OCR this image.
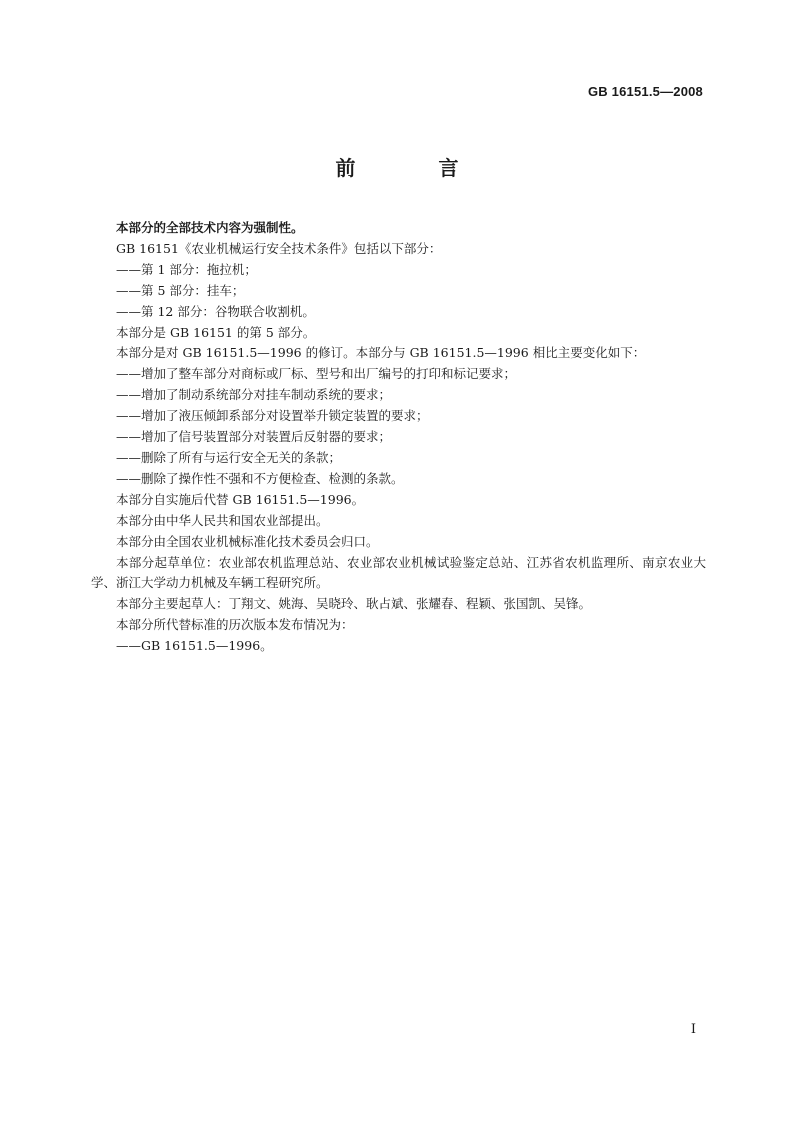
GB 16151.5—2008
前 言

本部分的全部技术内容为强制性。

GB 16151《农业机械运行安全技术条件》包括以下部分：

——第 1 部分：拖拉机；

——第 5 部分：挂车；

——第 12 部分：谷物联合收割机。

本部分是 GB 16151 的第 5 部分。

本部分是对 GB 16151.5—1996 的修订。本部分与 GB 16151.5—1996 相比主要变化如下：

——增加了整车部分对商标或厂标、型号和出厂编号的打印和标记要求；

——增加了制动系统部分对挂车制动系统的要求；

——增加了液压倾卸系部分对设置举升锁定装置的要求；

——增加了信号装置部分对装置后反射器的要求；

——删除了所有与运行安全无关的条款；

——删除了操作性不强和不方便检查、检测的条款。

本部分自实施后代替 GB 16151.5—1996。

本部分由中华人民共和国农业部提出。

本部分由全国农业机械标准化技术委员会归口。

本部分起草单位：农业部农机监理总站、农业部农业机械试验鉴定总站、江苏省农机监理所、南京农业大学、浙江大学动力机械及车辆工程研究所。

本部分主要起草人：丁翔文、姚海、吴晓玲、耿占斌、张耀春、程颖、张国凯、吴锋。

本部分所代替标准的历次版本发布情况为：

——GB 16151.5—1996。

I
